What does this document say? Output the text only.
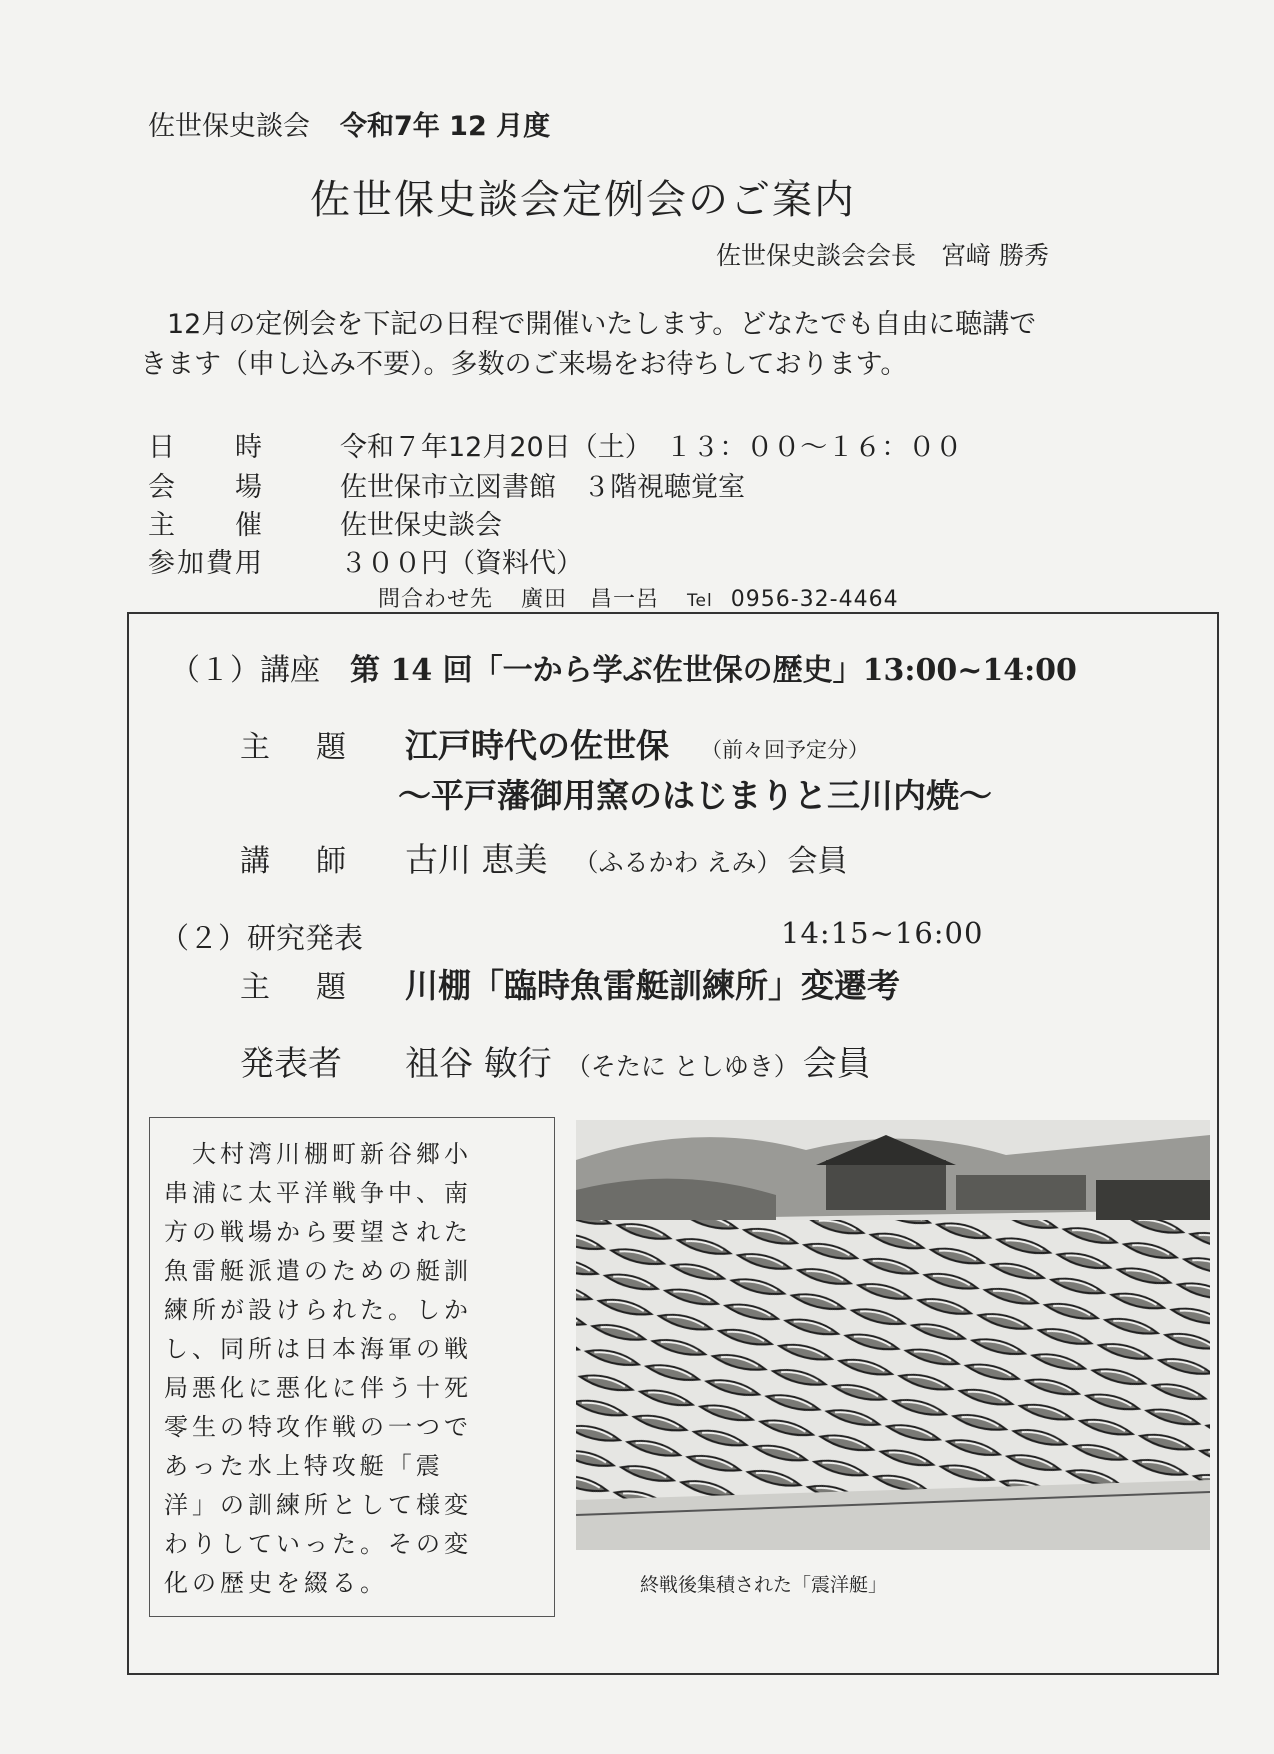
佐世保史談会 令和7年 12 月度
佐世保史談会定例会のご案内
佐世保史談会会長　宮﨑 勝秀
　12月の定例会を下記の日程で開催いたします。どなたでも自由に聴講で
きます（申し込み不要）。多数のご来場をお待ちしております。
日　　時	令和７年12月20日（土）　１３：００～１６：００
会　　場	佐世保市立図書館　３階視聴覚室
主　　催	佐世保史談会
参加費用	３００円（資料代）
問合わせ先 廣田　昌一呂 Tel 0956-32-4464
（１）講座 第 14 回「一から学ぶ佐世保の歴史」13:00~14:00
主　題 江戸時代の佐世保 （前々回予定分）
～平戸藩御用窯のはじまりと三川内焼～
講　師 古川 恵美 （ふるかわ えみ） 会員
（２）研究発表	14:15~16:00
主　題 川棚「臨時魚雷艇訓練所」変遷考
発表者 祖谷 敏行 （そたに としゆき） 会員
　大村湾川棚町新谷郷小
串浦に太平洋戦争中、南
方の戦場から要望された
魚雷艇派遣のための艇訓
練所が設けられた。しか
し、同所は日本海軍の戦
局悪化に悪化に伴う十死
零生の特攻作戦の一つで
あった水上特攻艇「震
洋」の訓練所として様変
わりしていった。その変
化の歴史を綴る。	終戦後集積された「震洋艇」
